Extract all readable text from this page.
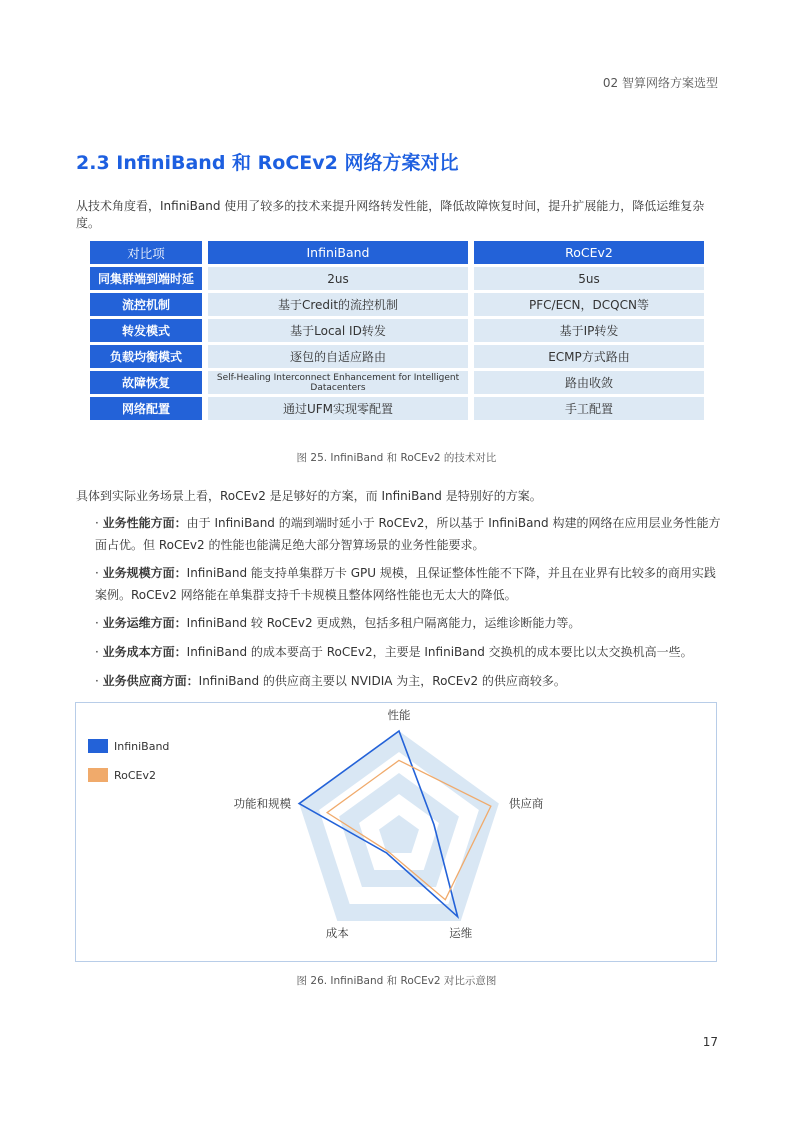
02 智算网络方案选型
2.3 InfiniBand 和 RoCEv2 网络方案对比
从技术角度看，InfiniBand 使用了较多的技术来提升网络转发性能，降低故障恢复时间，提升扩展能力，降低运维复杂度。
对比项	InfiniBand	RoCEv2
同集群端到端时延	2us	5us
流控机制	基于Credit的流控机制	PFC/ECN，DCQCN等
转发模式	基于Local ID转发	基于IP转发
负载均衡模式	逐包的自适应路由	ECMP方式路由
故障恢复	Self-Healing Interconnect Enhancement for Intelligent Datacenters	路由收敛
网络配置	通过UFM实现零配置	手工配置
图 25. InfiniBand 和 RoCEv2 的技术对比
具体到实际业务场景上看，RoCEv2 是足够好的方案，而 InfiniBand 是特别好的方案。
· 业务性能方面：由于 InfiniBand 的端到端时延小于 RoCEv2，所以基于 InfiniBand 构建的网络在应用层业务性能方面占优。但 RoCEv2 的性能也能满足绝大部分智算场景的业务性能要求。
· 业务规模方面：InfiniBand 能支持单集群万卡 GPU 规模，且保证整体性能不下降，并且在业界有比较多的商用实践案例。RoCEv2 网络能在单集群支持千卡规模且整体网络性能也无太大的降低。
· 业务运维方面：InfiniBand 较 RoCEv2 更成熟，包括多租户隔离能力，运维诊断能力等。
· 业务成本方面：InfiniBand 的成本要高于 RoCEv2，主要是 InfiniBand 交换机的成本要比以太交换机高一些。
· 业务供应商方面：InfiniBand 的供应商主要以 NVIDIA 为主，RoCEv2 的供应商较多。
InfiniBand
RoCEv2
性能
供应商
运维
成本
功能和规模
图 26. InfiniBand 和 RoCEv2 对比示意图
17
